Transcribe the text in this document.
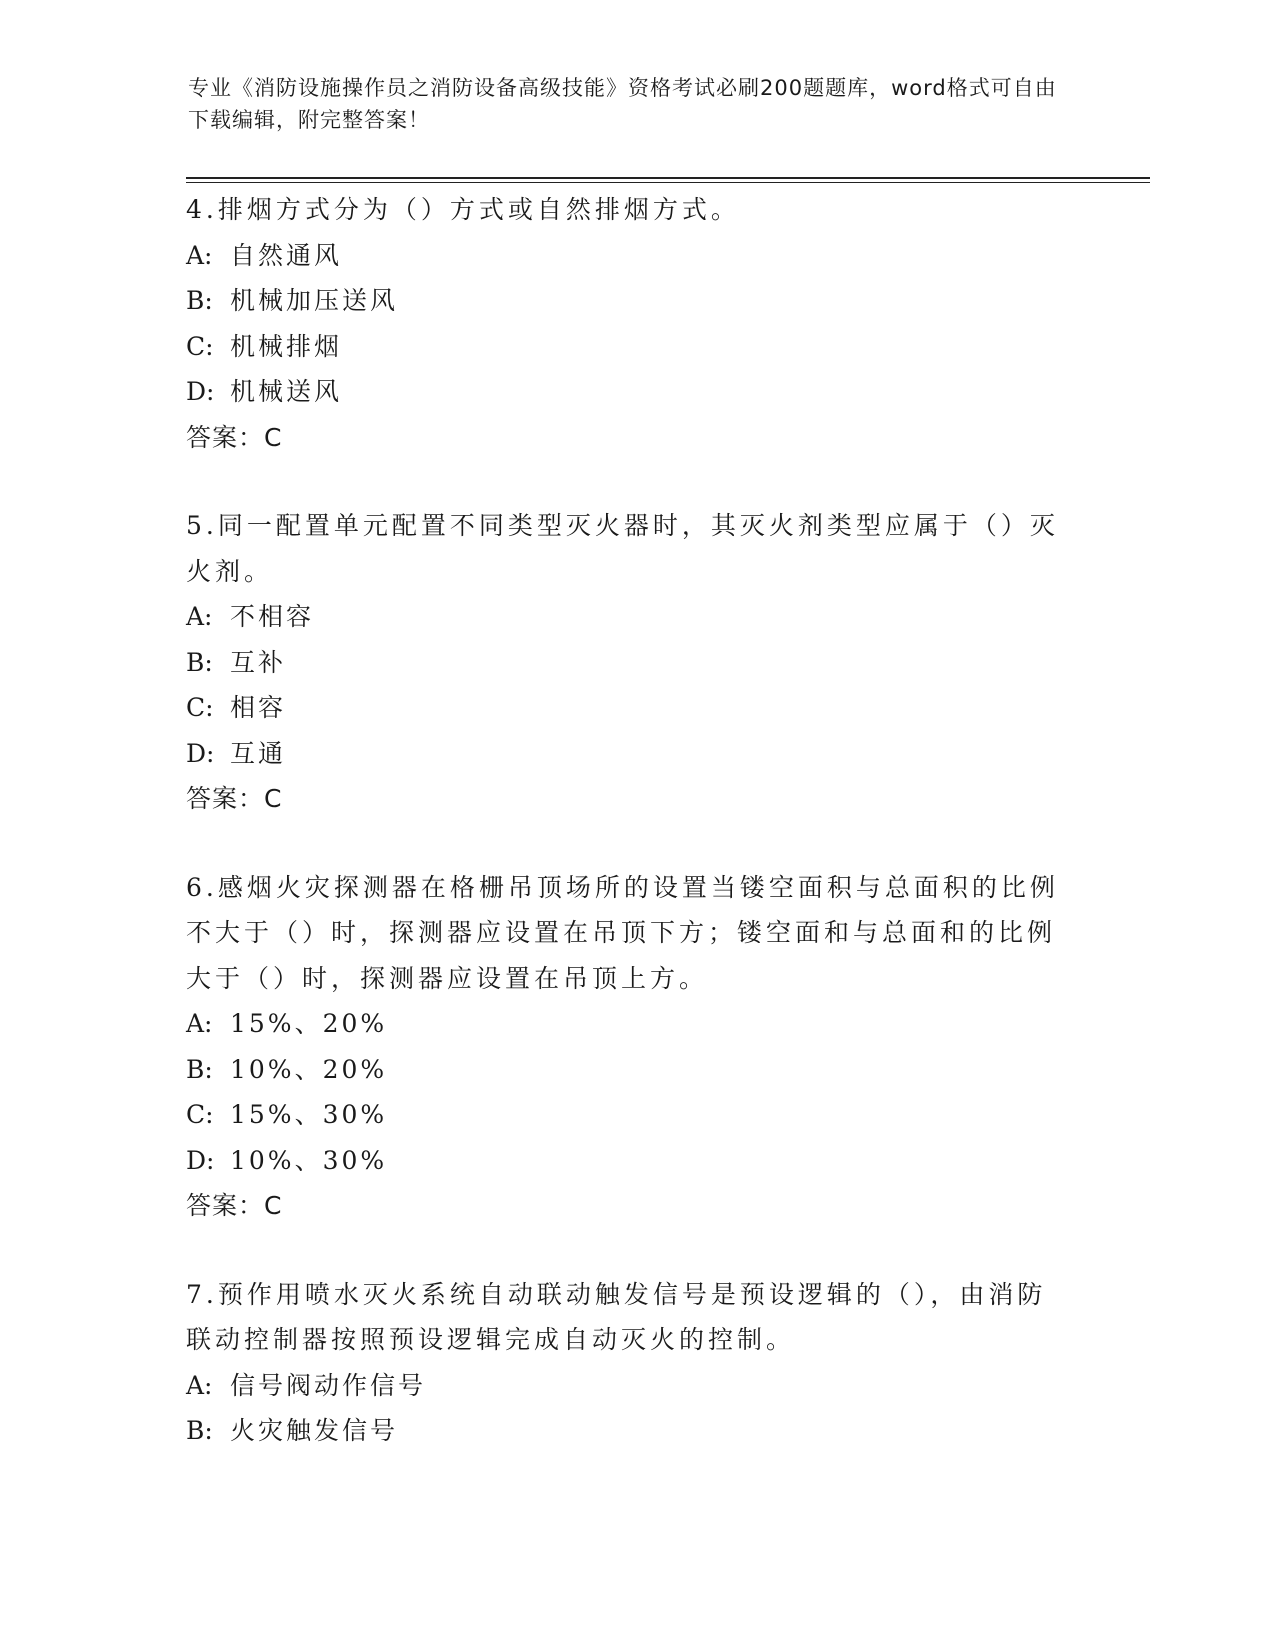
专业《消防设施操作员之消防设备高级技能》资格考试必刷200题题库，word格式可自由下载编辑，附完整答案！
4.排烟方式分为（）方式或自然排烟方式。
A: 自然通风
B: 机械加压送风
C: 机械排烟
D: 机械送风
答案：C
5.同一配置单元配置不同类型灭火器时，其灭火剂类型应属于（）灭火剂。
A: 不相容
B: 互补
C: 相容
D: 互通
答案：C
6.感烟火灾探测器在格栅吊顶场所的设置当镂空面积与总面积的比例不大于（）时，探测器应设置在吊顶下方；镂空面和与总面和的比例大于（）时，探测器应设置在吊顶上方。
A: 15%、20%
B: 10%、20%
C: 15%、30%
D: 10%、30%
答案：C
7.预作用喷水灭火系统自动联动触发信号是预设逻辑的（），由消防联动控制器按照预设逻辑完成自动灭火的控制。
A: 信号阀动作信号
B: 火灾触发信号
